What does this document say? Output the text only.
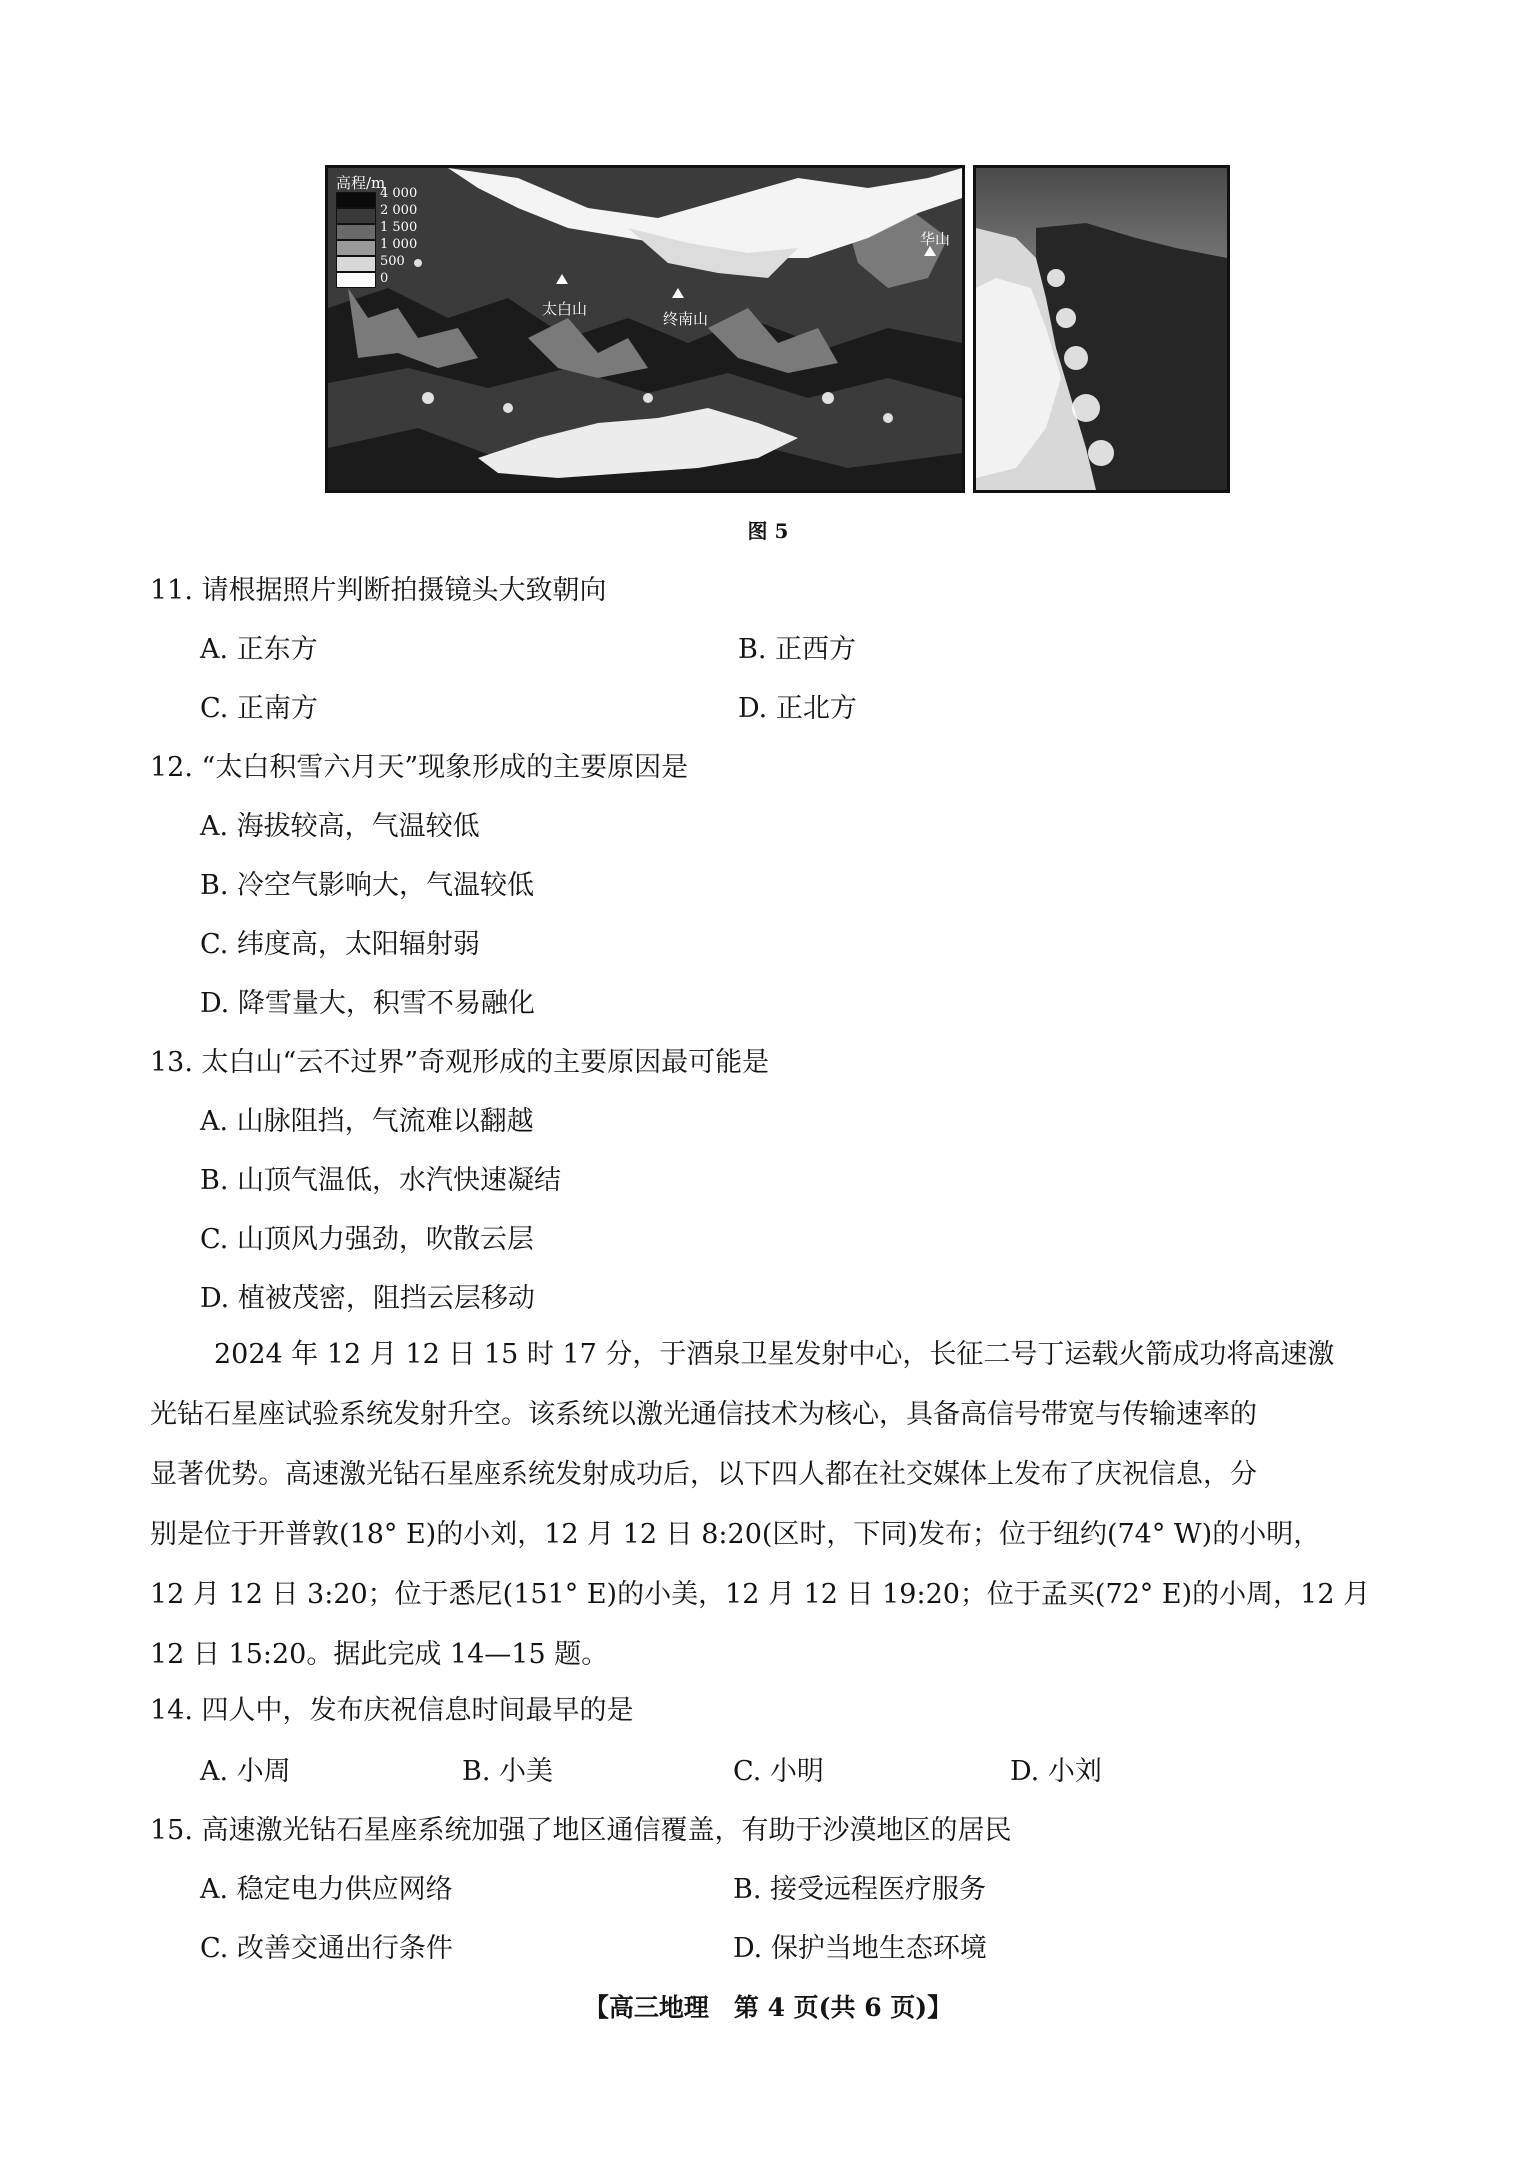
高程/m
4 000
2 000
1 500
1 000
500
0
太白山
终南山
华山
图 5
11. 请根据照片判断拍摄镜头大致朝向
A. 正东方	B. 正西方
C. 正南方	D. 正北方
12. “太白积雪六月天”现象形成的主要原因是
A. 海拔较高，气温较低
B. 冷空气影响大，气温较低
C. 纬度高，太阳辐射弱
D. 降雪量大，积雪不易融化
13. 太白山“云不过界”奇观形成的主要原因最可能是
A. 山脉阻挡，气流难以翻越
B. 山顶气温低，水汽快速凝结
C. 山顶风力强劲，吹散云层
D. 植被茂密，阻挡云层移动
2024 年 12 月 12 日 15 时 17 分，于酒泉卫星发射中心，长征二号丁运载火箭成功将高速激
光钻石星座试验系统发射升空。该系统以激光通信技术为核心，具备高信号带宽与传输速率的
显著优势。高速激光钻石星座系统发射成功后，以下四人都在社交媒体上发布了庆祝信息，分
别是位于开普敦(18° E)的小刘，12 月 12 日 8:20(区时，下同)发布；位于纽约(74° W)的小明，
12 月 12 日 3:20；位于悉尼(151° E)的小美，12 月 12 日 19:20；位于孟买(72° E)的小周，12 月
12 日 15:20。据此完成 14—15 题。
14. 四人中，发布庆祝信息时间最早的是
A. 小周	B. 小美	C. 小明	D. 小刘
15. 高速激光钻石星座系统加强了地区通信覆盖，有助于沙漠地区的居民
A. 稳定电力供应网络	B. 接受远程医疗服务
C. 改善交通出行条件	D. 保护当地生态环境
【高三地理　第 4 页(共 6 页)】
